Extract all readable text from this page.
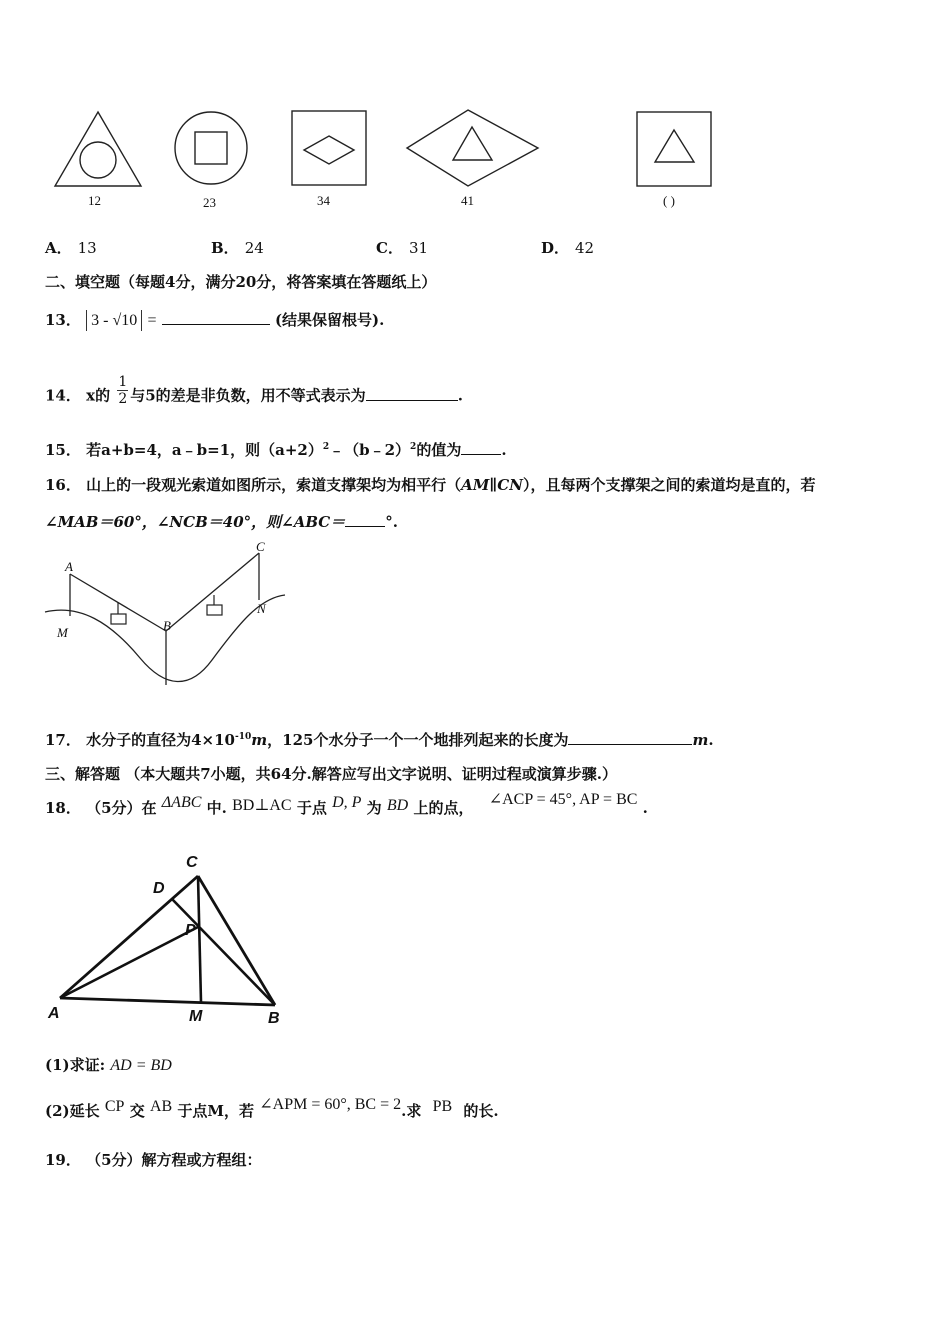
12	23	34	41	( )
A． 13	B． 24	C． 31	D． 42
二、填空题（每题4分，满分20分，将答案填在答题纸上）
13． 3 - √10 =	(结果保留根号).
14． x的 $\frac{1}{2}$ 与5的差是非负数，用不等式表示为	.
15． 若a+b=4，a﹣b=1，则$(a+2)^2﹣(b﹣2)^2$的值为	.
16． 山上的一段观光索道如图所示，索道支撑架均为相平行（AM∥CN），且每两个支撑架之间的索道均是直的，若
∠MAB＝60°，∠NCB＝40°，则∠ABC＝	°.
A
M	B
C
N
17． 水分子的直径为$4\times 10^{-10}m$，125个水分子一个一个地排列起来的长度为	m.
三、解答题 （本大题共7小题，共64分.解答应写出文字说明、证明过程或演算步骤.）
18． （5分）在 ΔABC 中. BD⊥AC 于点 D, P 为 BD 上的点， ∠ACP = 45°, AP = BC .
C
D
P
A	M	B
(1)求证: AD = BD
(2)延长 CP 交 AB 于点M，若 ∠APM = 60°, BC = 2.求 PB 的长.
19． （5分）解方程或方程组：
